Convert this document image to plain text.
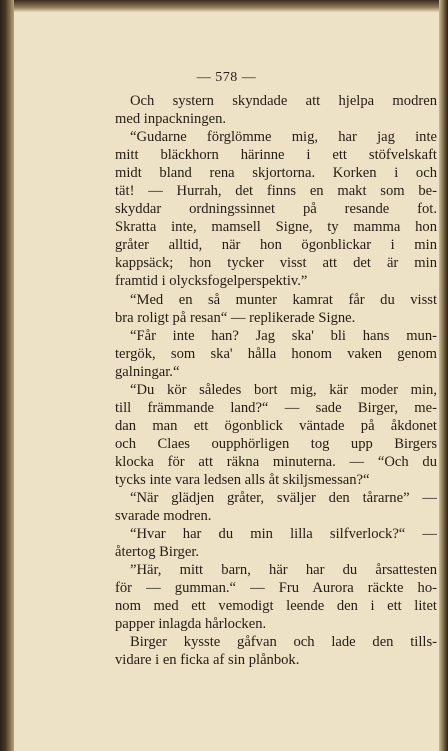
— 578 —
Och systern skyndade att hjelpa modren
med inpackningen.
“Gudarne förglömme mig, har jag inte
mitt bläckhorn härinne i ett stöfvelskaft
midt bland rena skjortorna. Korken i och
tät! — Hurrah, det finns en makt som be-
skyddar ordningssinnet på resande fot.
Skratta inte, mamsell Signe, ty mamma hon
gråter alltid, när hon ögonblickar i min
kappsäck; hon tycker visst att det är min
framtid i olycksfogelperspektiv.”
“Med en så munter kamrat får du visst
bra roligt på resan“ — replikerade Signe.
“Får inte han? Jag ska' bli hans mun-
tergök, som ska' hålla honom vaken genom
galningar.“
“Du kör således bort mig, kär moder min,
till främmande land?“ — sade Birger, me-
dan man ett ögonblick väntade på åkdonet
och Claes oupphörligen tog upp Birgers
klocka för att räkna minuterna. — “Och du
tycks inte vara ledsen alls åt skiljsmessan?“
“När glädjen gråter, sväljer den tårarne” —
svarade modren.
“Hvar har du min lilla silfverlock?“ —
återtog Birger.
”Här, mitt barn, här har du årsattesten
för — gumman.“ — Fru Aurora räckte ho-
nom med ett vemodigt leende den i ett litet
papper inlagda hårlocken.
Birger kysste gåfvan och lade den tills-
vidare i en ficka af sin plånbok.
